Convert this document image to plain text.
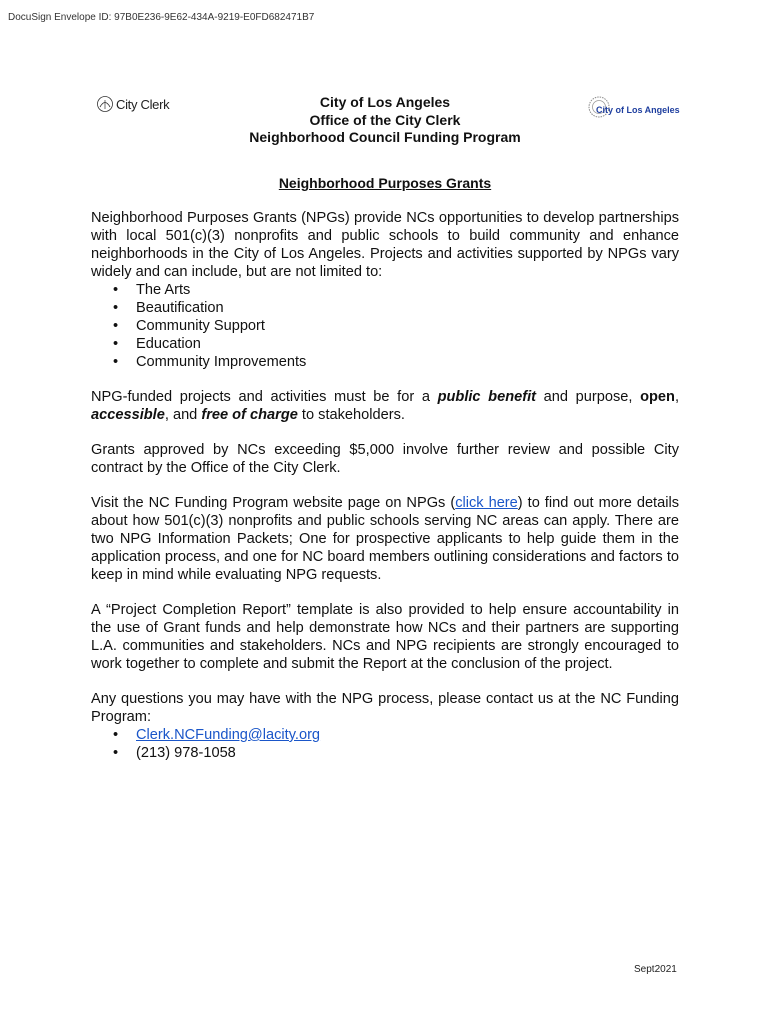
DocuSign Envelope ID: 97B0E236-9E62-434A-9219-E0FD682471B7
City Clerk	City of Los Angeles
City of Los Angeles
Office of the City Clerk
Neighborhood Council Funding Program
Neighborhood Purposes Grants

Neighborhood Purposes Grants (NPGs) provide NCs opportunities to develop partnerships with local 501(c)(3) nonprofits and public schools to build community and enhance neighborhoods in the City of Los Angeles. Projects and activities supported by NPGs vary widely and can include, but are not limited to:

• The Arts
• Beautification
• Community Support
• Education
• Community Improvements

NPG-funded projects and activities must be for a public benefit and purpose, open, accessible, and free of charge to stakeholders.

Grants approved by NCs exceeding $5,000 involve further review and possible City contract by the Office of the City Clerk.

Visit the NC Funding Program website page on NPGs (click here) to find out more details about how 501(c)(3) nonprofits and public schools serving NC areas can apply. There are two NPG Information Packets; One for prospective applicants to help guide them in the application process, and one for NC board members outlining considerations and factors to keep in mind while evaluating NPG requests.

A “Project Completion Report” template is also provided to help ensure accountability in the use of Grant funds and help demonstrate how NCs and their partners are supporting L.A. communities and stakeholders. NCs and NPG recipients are strongly encouraged to work together to complete and submit the Report at the conclusion of the project.

Any questions you may have with the NPG process, please contact us at the NC Funding Program:

• Clerk.NCFunding@lacity.org
• (213) 978-1058
Sept2021
